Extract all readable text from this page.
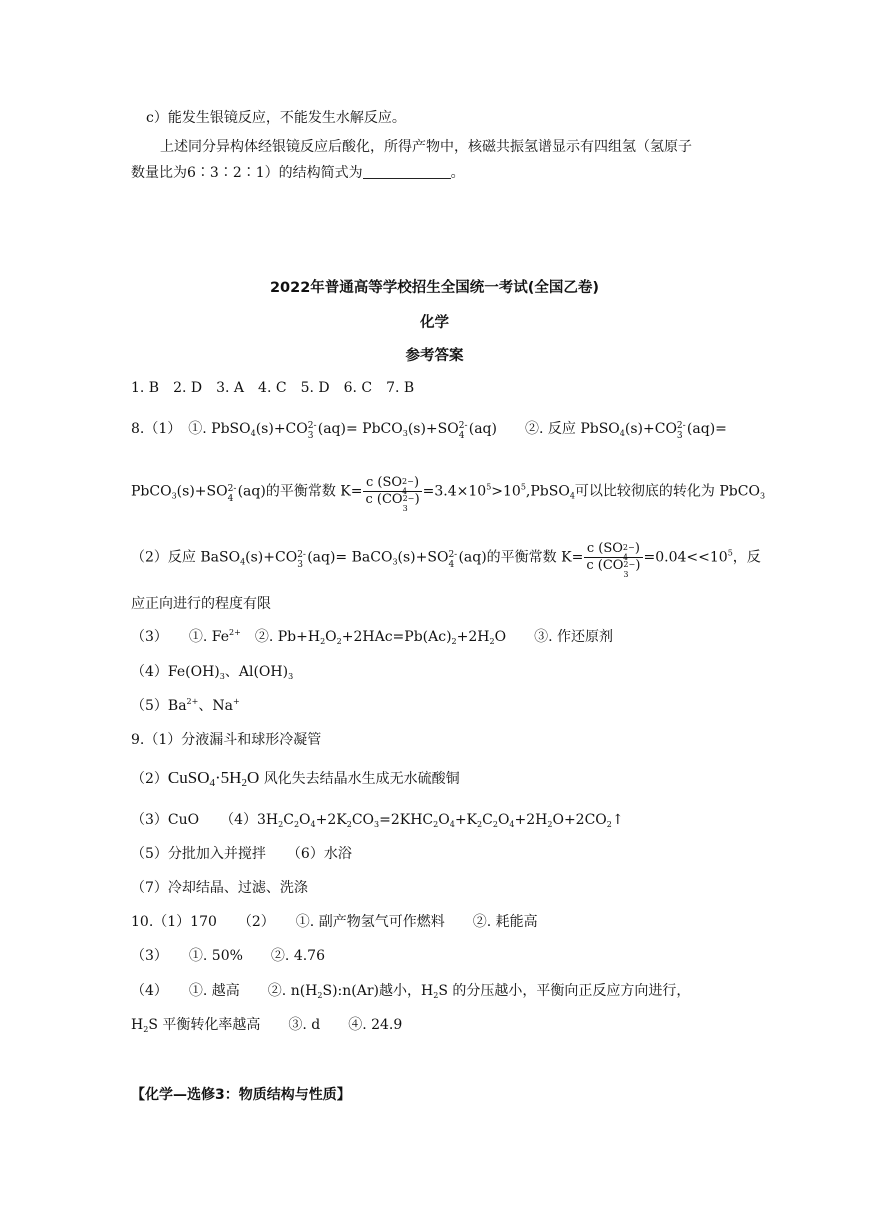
c）能发生银镜反应，不能发生水解反应。
上述同分异构体经银镜反应后酸化，所得产物中，核磁共振氢谱显示有四组氢（氢原子
数量比为6∶3∶2∶1）的结构简式为	。
2022年普通高等学校招生全国统一考试(全国乙卷)
化学
参考答案
1. B　2. D　3. A　4. C　5. D　6. C　7. B
8.（1）　①. PbSO$_4$(s)+CO 2-
3 (aq)= PbCO$_3$(s)+SO 2-
4 (aq)　　②. 反应 PbSO$_4$(s)+CO 2-
3 (aq)=
PbCO$_3$(s)+SO 2-
4 (aq)的平衡常数 K= c (SO 2−
4
)
c (CO 2−
3
) $=3.4\times 10^5>10^5,PbSO_4$可以比较彻底的转化为 PbCO$_3$
（2）反应 BaSO$_4$(s)+CO 2-
3 (aq)= BaCO$_3$(s)+SO 2-
4 (aq)的平衡常数 K= c (SO 2−
4
)
c (CO 2−
3
) $=0.04<<10^5$，反
应正向进行的程度有限
（3）　　①. $Fe^{2+}$　②. $Pb+H_2O_2+2HAc=Pb(Ac)_2+2H_2O$　　③. 作还原剂
$(4)Fe(OH)_3$、$Al(OH)_3$
$(5)Ba^{2+}$、Na+
9.（1）分液漏斗和球形冷凝管
$(2)CuSO_4\cdot 5H_2O$ 风化失去结晶水生成无水硫酸铜
（3）CuO　　$(4)3H_2C_2O_4+2K_2CO_3=2KHC_2O_4+K_2C_2O_4+2H_2O+2CO_2↑$
（5）分批加入并搅拌　　（6）水浴
（7）冷却结晶、过滤、洗涤
10.（1）170　　（2）　　①. 副产物氢气可作燃料　　②. 耗能高
（3）　　①. 50%　　②. 4.76
（4）　　①. 越高　　②. $n(H_2S):n(Ar)$越小，$H_2S$ 的分压越小，平衡向正反应方向进行，
$H_2S$ 平衡转化率越高　　③. d　　④. 24.9
【化学—选修3：物质结构与性质】
